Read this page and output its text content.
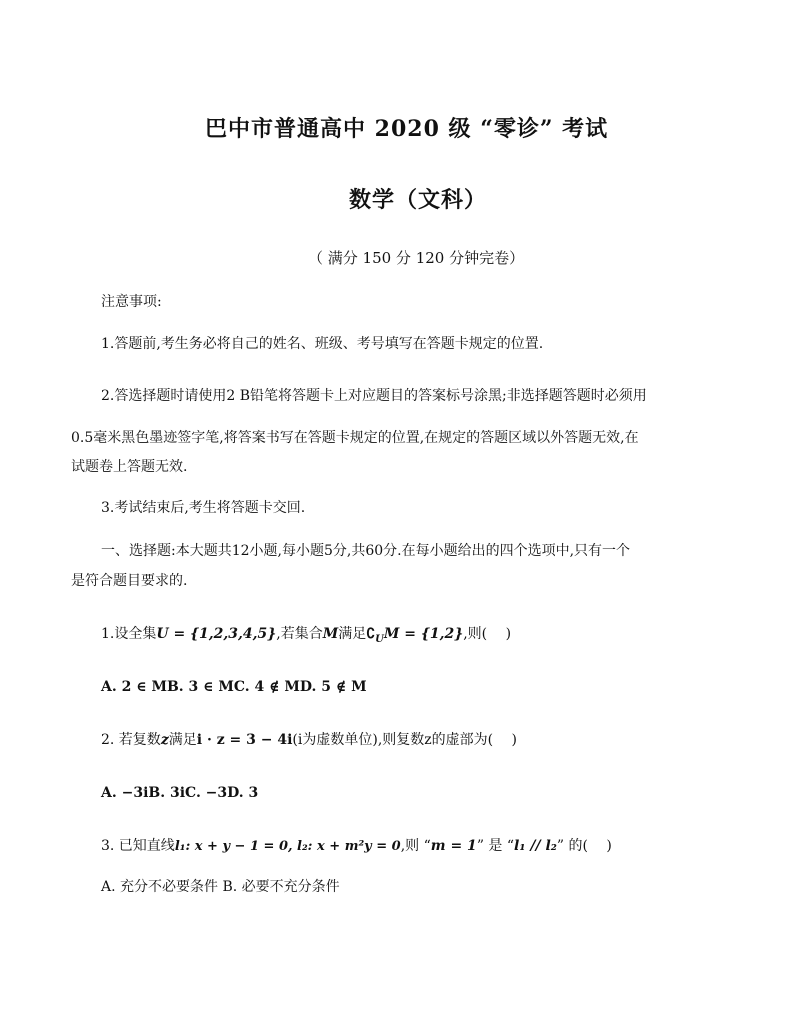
巴中市普通高中 2020 级 “零诊” 考试
数学（文科）
（ 满分 150 分 120 分钟完卷）
注意事项:
1.答题前,考生务必将自己的姓名、班级、考号填写在答题卡规定的位置.
2.答选择题时请使用2 B铅笔将答题卡上对应题目的答案标号涂黑;非选择题答题时必须用
0.5毫米黑色墨迹签字笔,将答案书写在答题卡规定的位置,在规定的答题区域以外答题无效,在
试题卷上答题无效.
3.考试结束后,考生将答题卡交回.
一、选择题:本大题共12小题,每小题5分,共60分.在每小题给出的四个选项中,只有一个
是符合题目要求的.
1.设全集U = {1,2,3,4,5},若集合M满足$∁_UM = \{1,2\}$,则(　 )
A. 2 ∈ MB. 3 ∈ MC. 4 ∉ MD. 5 ∉ M
2. 若复数z满足i · z = 3 − 4i(i为虚数单位),则复数z的虚部为(　 )
A. −3iB. 3iC. −3D. 3
3. 已知直线l₁: x + y − 1 = 0, l₂: x + m²y = 0,则 “m = 1” 是 “l₁ // l₂” 的(　 )
A. 充分不必要条件 B. 必要不充分条件
